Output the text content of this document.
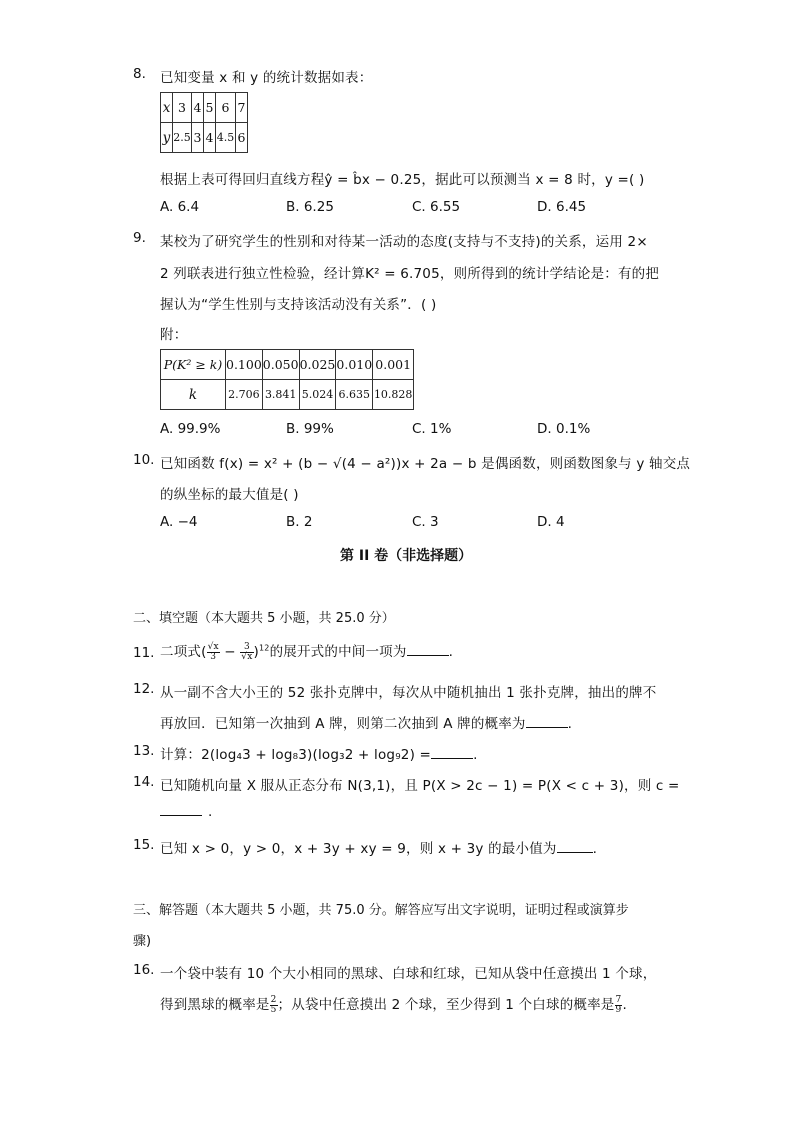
8. 已知变量 x 和 y 的统计数据如表：
x	3	4	5	6	7
y	2.5	3	4	4.5	6
根据上表可得回归直线方程ŷ = b̂x − 0.25，据此可以预测当 x = 8 时，y =( )
A. 6.4	B. 6.25	C. 6.55	D. 6.45
9. 某校为了研究学生的性别和对待某一活动的态度(支持与不支持)的关系，运用 2×
2 列联表进行独立性检验，经计算K² = 6.705，则所得到的统计学结论是：有的把
握认为“学生性别与支持该活动没有关系”．( )
附：
P(K² ≥ k)	0.100	0.050	0.025	0.010	0.001
k	2.706	3.841	5.024	6.635	10.828
A. 99.9%	B. 99%	C. 1%	D. 0.1%
10. 已知函数 f(x) = x² + (b − √(4 − a²))x + 2a − b 是偶函数，则函数图象与 y 轴交点
的纵坐标的最大值是( )
A. −4	B. 2	C. 3	D. 4
第 II 卷（非选择题）
二、填空题（本大题共 5 小题，共 25.0 分）
11. 二项式( $\frac{√x}{3} - \frac{3}{√x} )^{12}$的展开式的中间一项为	.
12. 从一副不含大小王的 52 张扑克牌中，每次从中随机抽出 1 张扑克牌，抽出的牌不
再放回．已知第一次抽到 A 牌，则第二次抽到 A 牌的概率为	.
13. 计算：2(log₄3 + log₈3)(log₃2 + log₉2) =	.
14. 已知随机向量 X 服从正态分布 N(3,1)，且 P(X > 2c − 1) = P(X < c + 3)，则 c =
.
15. 已知 x > 0，y > 0，x + 3y + xy = 9，则 x + 3y 的最小值为	.
三、解答题（本大题共 5 小题，共 75.0 分。解答应写出文字说明，证明过程或演算步
骤)
16. 一个袋中装有 10 个大小相同的黑球、白球和红球，已知从袋中任意摸出 1 个球，
得到黑球的概率是 $\frac{2}{5}$ ；从袋中任意摸出 2 个球，至少得到 1 个白球的概率是 $\frac{7}{9}$ .
